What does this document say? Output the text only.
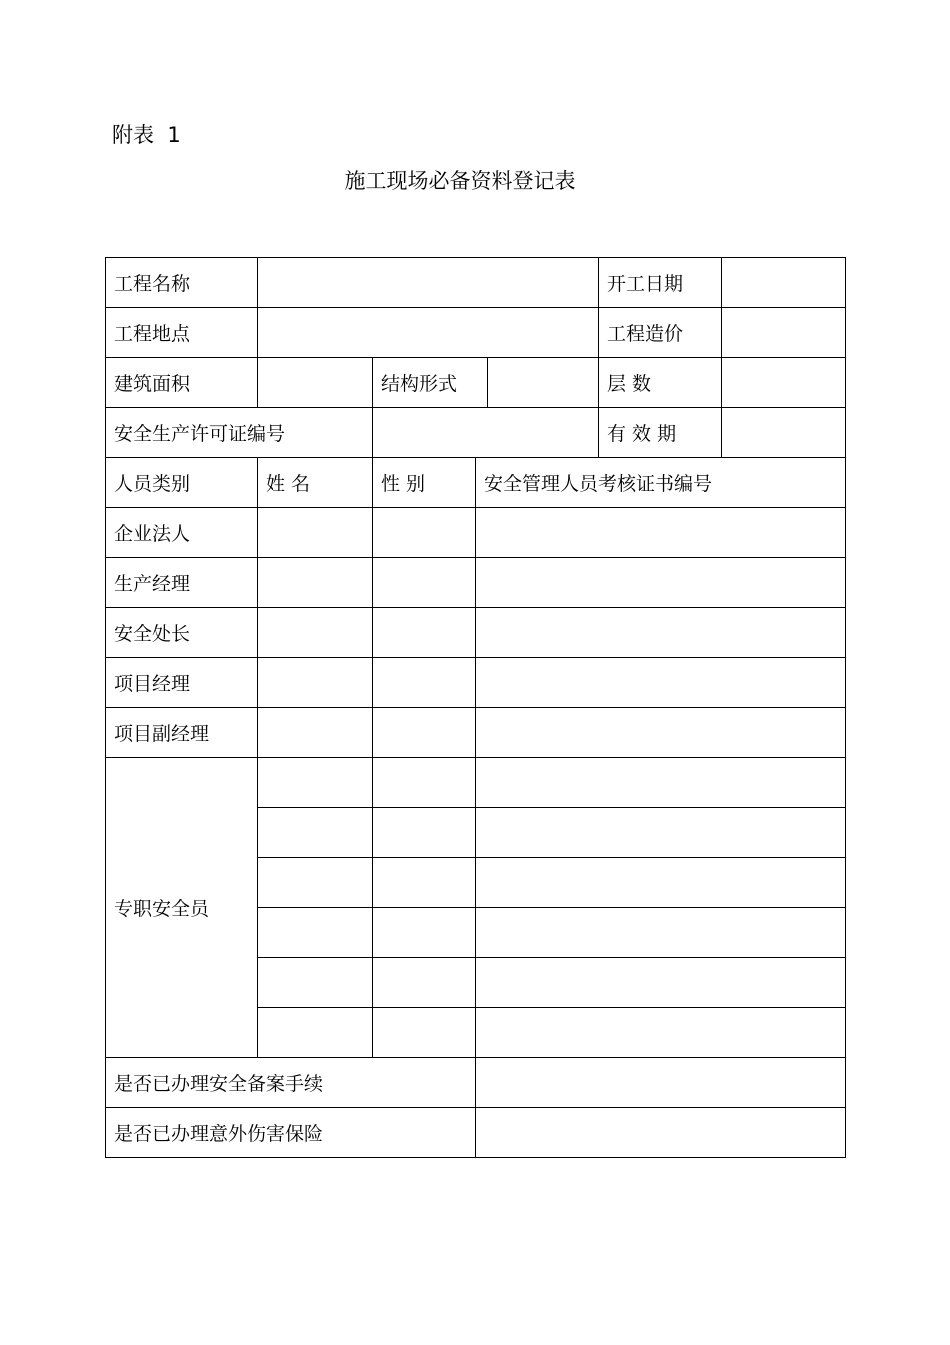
附表  1
施工现场必备资料登记表
工程名称					开工日期	
工程地点					工程造价	
建筑面积		结构形式			层 数	
安全生产许可证编号					有 效 期	
人员类别	姓 名	性 别	安全管理人员考核证书编号			
企业法人						
生产经理						
安全处长						
项目经理						
项目副经理						
专职安全员						

是否已办理安全备案手续						
是否已办理意外伤害保险						
